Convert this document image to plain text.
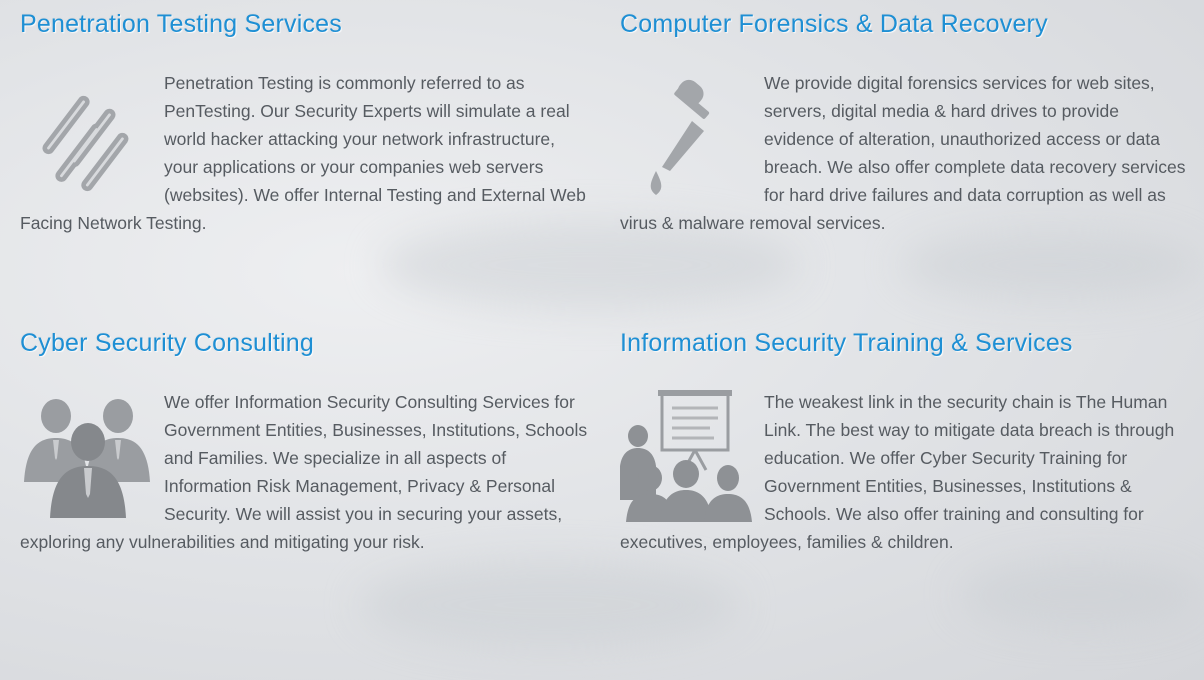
Penetration Testing Services
Penetration Testing is commonly referred to as PenTesting. Our Security Experts will simulate a real world hacker attacking your network infrastructure, your applications or your companies web servers (websites). We offer Internal Testing and External Web Facing Network Testing.
Computer Forensics & Data Recovery
We provide digital forensics services for web sites, servers, digital media & hard drives to provide evidence of alteration, unauthorized access or data breach. We also offer complete data recovery services for hard drive failures and data corruption as well as virus & malware removal services.
Cyber Security Consulting
We offer Information Security Consulting Services for Government Entities, Businesses, Institutions, Schools and Families. We specialize in all aspects of Information Risk Management, Privacy & Personal Security. We will assist you in securing your assets, exploring any vulnerabilities and mitigating your risk.
Information Security Training & Services
The weakest link in the security chain is The Human Link. The best way to mitigate data breach is through education. We offer Cyber Security Training for Government Entities, Businesses, Institutions & Schools. We also offer training and consulting for executives, employees, families & children.
